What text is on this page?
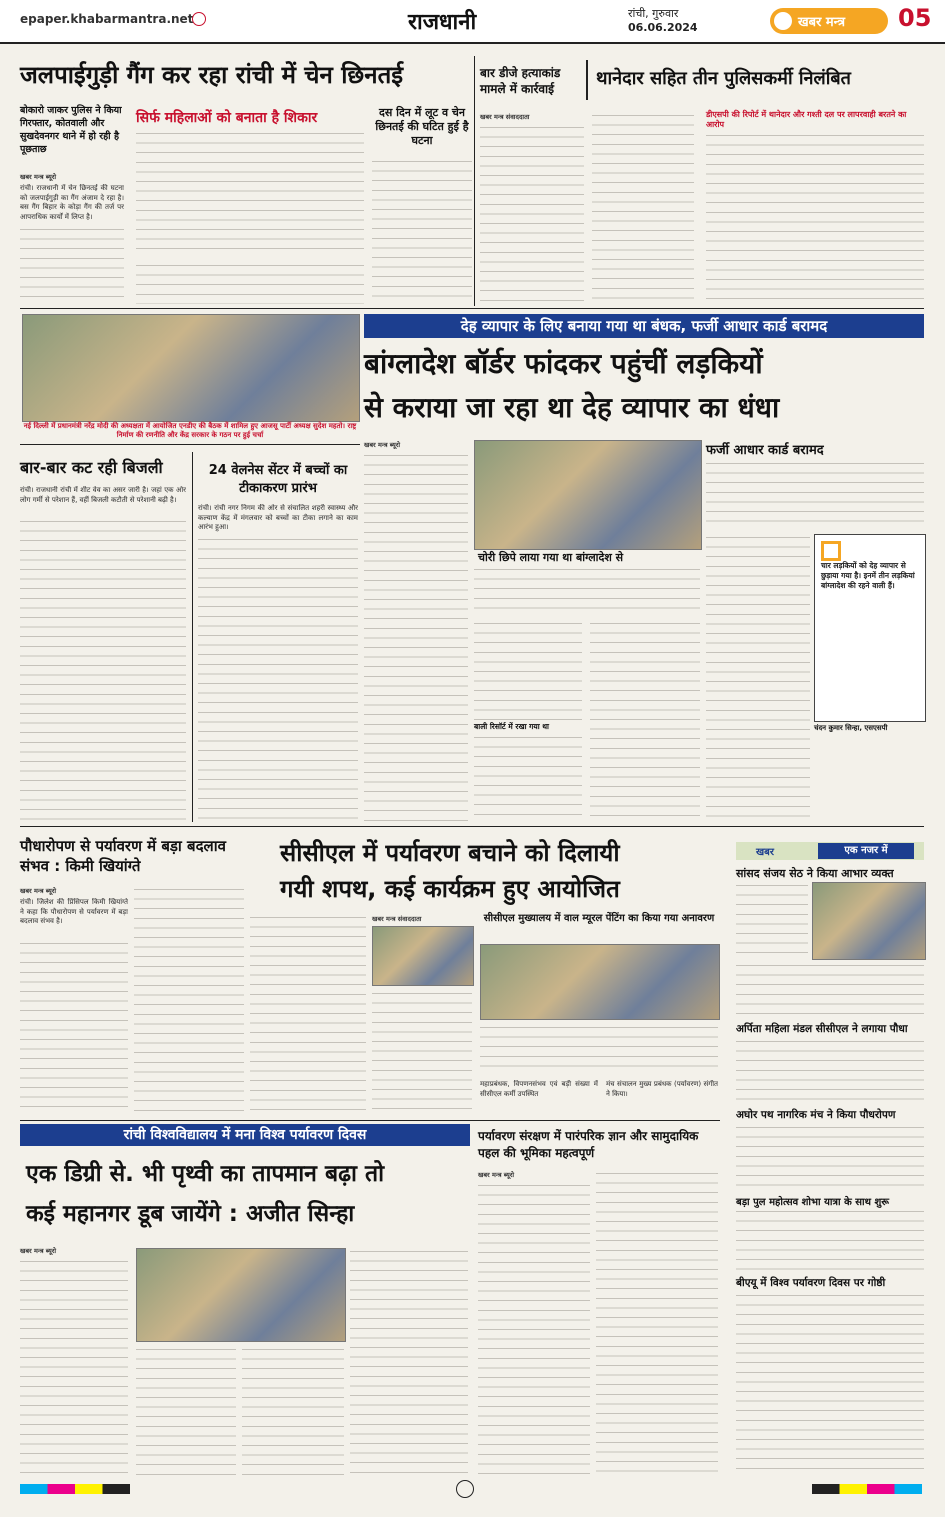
epaper.khabarmantra.net	राजधानी	रांची, गुरुवार
06.06.2024	खबर मन्त्र 05
जलपाईगुड़ी गैंग कर रहा रांची में चेन छिनतई
बोकारो जाकर पुलिस ने किया गिरफ्तार, कोतवाली और सुखदेवनगर थाने में हो रही है पूछताछ
खबर मन्त्र ब्यूरो
रांची। राजधानी में चेन छिनतई की घटना को जलपाईगुड़ी का गैंग अंजाम दे रहा है। बस गैंग बिहार के कोड़ा गैंग की तर्ज पर आपराधिक कार्यों में लिप्त है।
सिर्फ महिलाओं को बनाता है शिकार	दस दिन में लूट व चेन छिनतई की घटित हुई है घटना
बार डीजे हत्याकांड
मामले में कार्रवाई थानेदार सहित तीन पुलिसकर्मी निलंबित
खबर मन्त्र संवाददाता	डीएसपी की रिपोर्ट में थानेदार और गश्ती दल पर लापरवाही बरतने का आरोप
नई दिल्ली में प्रधानमंत्री नरेंद्र मोदी की अध्यक्षता में आयोजित एनडीए की बैठक में शामिल हुए आजसू पार्टी अध्यक्ष सुदेश महतो। राष्ट्र निर्माण की रणनीति और केंद्र सरकार के गठन पर हुई चर्चा
देह व्यापार के लिए बनाया गया था बंधक, फर्जी आधार कार्ड बरामद
बांग्लादेश बॉर्डर फांदकर पहुंचीं लड़कियों
से कराया जा रहा था देह व्यापार का धंधा
खबर मन्त्र ब्यूरो
चोरी छिपे लाया गया था बांग्लादेश से
फर्जी आधार कार्ड बरामद
बाली रिसॉर्ट में रखा गया था
चार लड़कियों को देह व्यापार से छुड़ाया गया है। इनमें तीन लड़कियां बांग्लादेश की रहने वाली हैं।
चंदन कुमार सिन्हा, एसएसपी
बार-बार कट रही बिजली
रांची। राजधानी रांची में शीट वेव का असर जारी है। जहां एक ओर लोग गर्मी से परेशान हैं, वहीं बिजली कटौती से परेशानी बढ़ी है।
24 वेलनेस सेंटर में बच्चों का टीकाकरण प्रारंभ
रांची। रांची नगर निगम की ओर से संचालित शहरी स्वास्थ्य और कल्याण केंद्र में मंगलवार को बच्चों का टीका लगाने का काम आरंभ हुआ।
पौधारोपण से पर्यावरण में बड़ा बदलाव संभव : किमी खियांग्ते
खबर मन्त्र ब्यूरो
रांची। जिलेश की प्रिंसिपल किमी खियांग्ते ने कहा कि पौधारोपण से पर्यावरण में बड़ा बदलाव संभव है।
सीसीएल में पर्यावरण बचाने को दिलायी
गयी शपथ, कई कार्यक्रम हुए आयोजित
खबर मन्त्र संवाददाता	सीसीएल मुख्यालय में वाल म्यूरल पेंटिंग का किया गया अनावरण
महाप्रबंधक, विपणनसंभव एवं बड़ी संख्या में सीसीएल कर्मी उपस्थित
मंच संचालन मुख्य प्रबंधक (पर्यावरण) संगीत ने किया।
खबर	एक नजर में
सांसद संजय सेठ ने किया आभार व्यक्त
अर्पिता महिला मंडल सीसीएल ने लगाया पौधा
अघोर पथ नागरिक मंच ने किया पौधरोपण
रांची विश्वविद्यालय में मना विश्व पर्यावरण दिवस
एक डिग्री से. भी पृथ्वी का तापमान बढ़ा तो
कई महानगर डूब जायेंगे : अजीत सिन्हा
खबर मन्त्र ब्यूरो
पर्यावरण संरक्षण में पारंपरिक ज्ञान और सामुदायिक पहल की भूमिका महत्वपूर्ण
खबर मन्त्र ब्यूरो
बड़ा पुल महोत्सव शोभा यात्रा के साथ शुरू
बीएयू में विश्व पर्यावरण दिवस पर गोष्ठी
